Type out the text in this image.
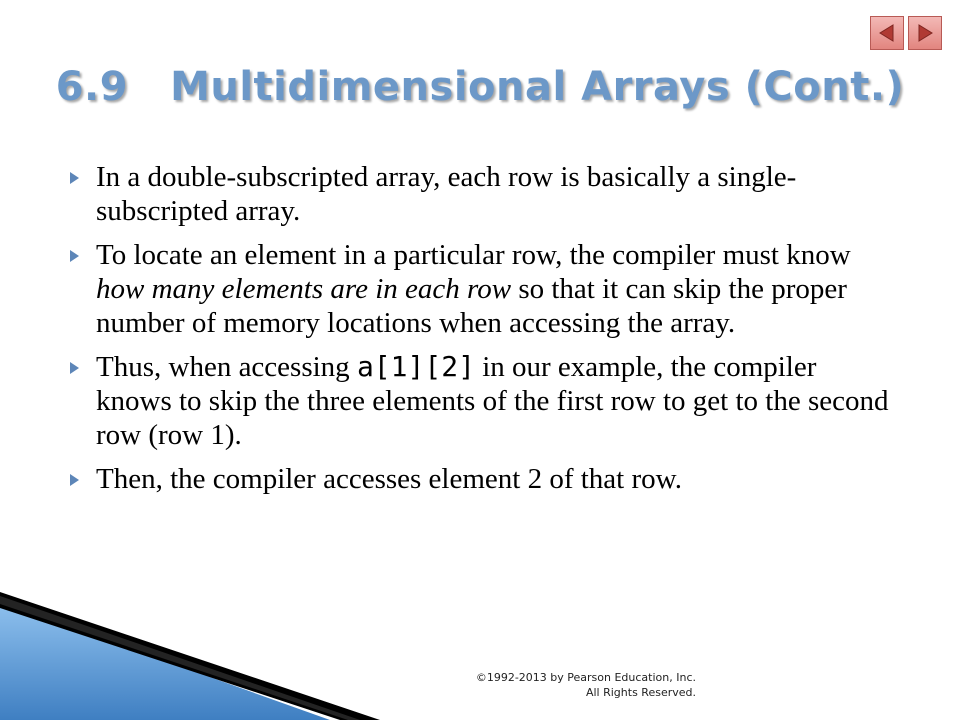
6.9 Multidimensional Arrays (Cont.)
In a double-subscripted array, each row is basically a single-subscripted array.
To locate an element in a particular row, the compiler must know how many elements are in each row so that it can skip the proper number of memory locations when accessing the array.
Thus, when accessing a[1][2] in our example, the compiler knows to skip the three elements of the first row to get to the second row (row 1).
Then, the compiler accesses element 2 of that row.
©1992-2013 by Pearson Education, Inc.
All Rights Reserved.
